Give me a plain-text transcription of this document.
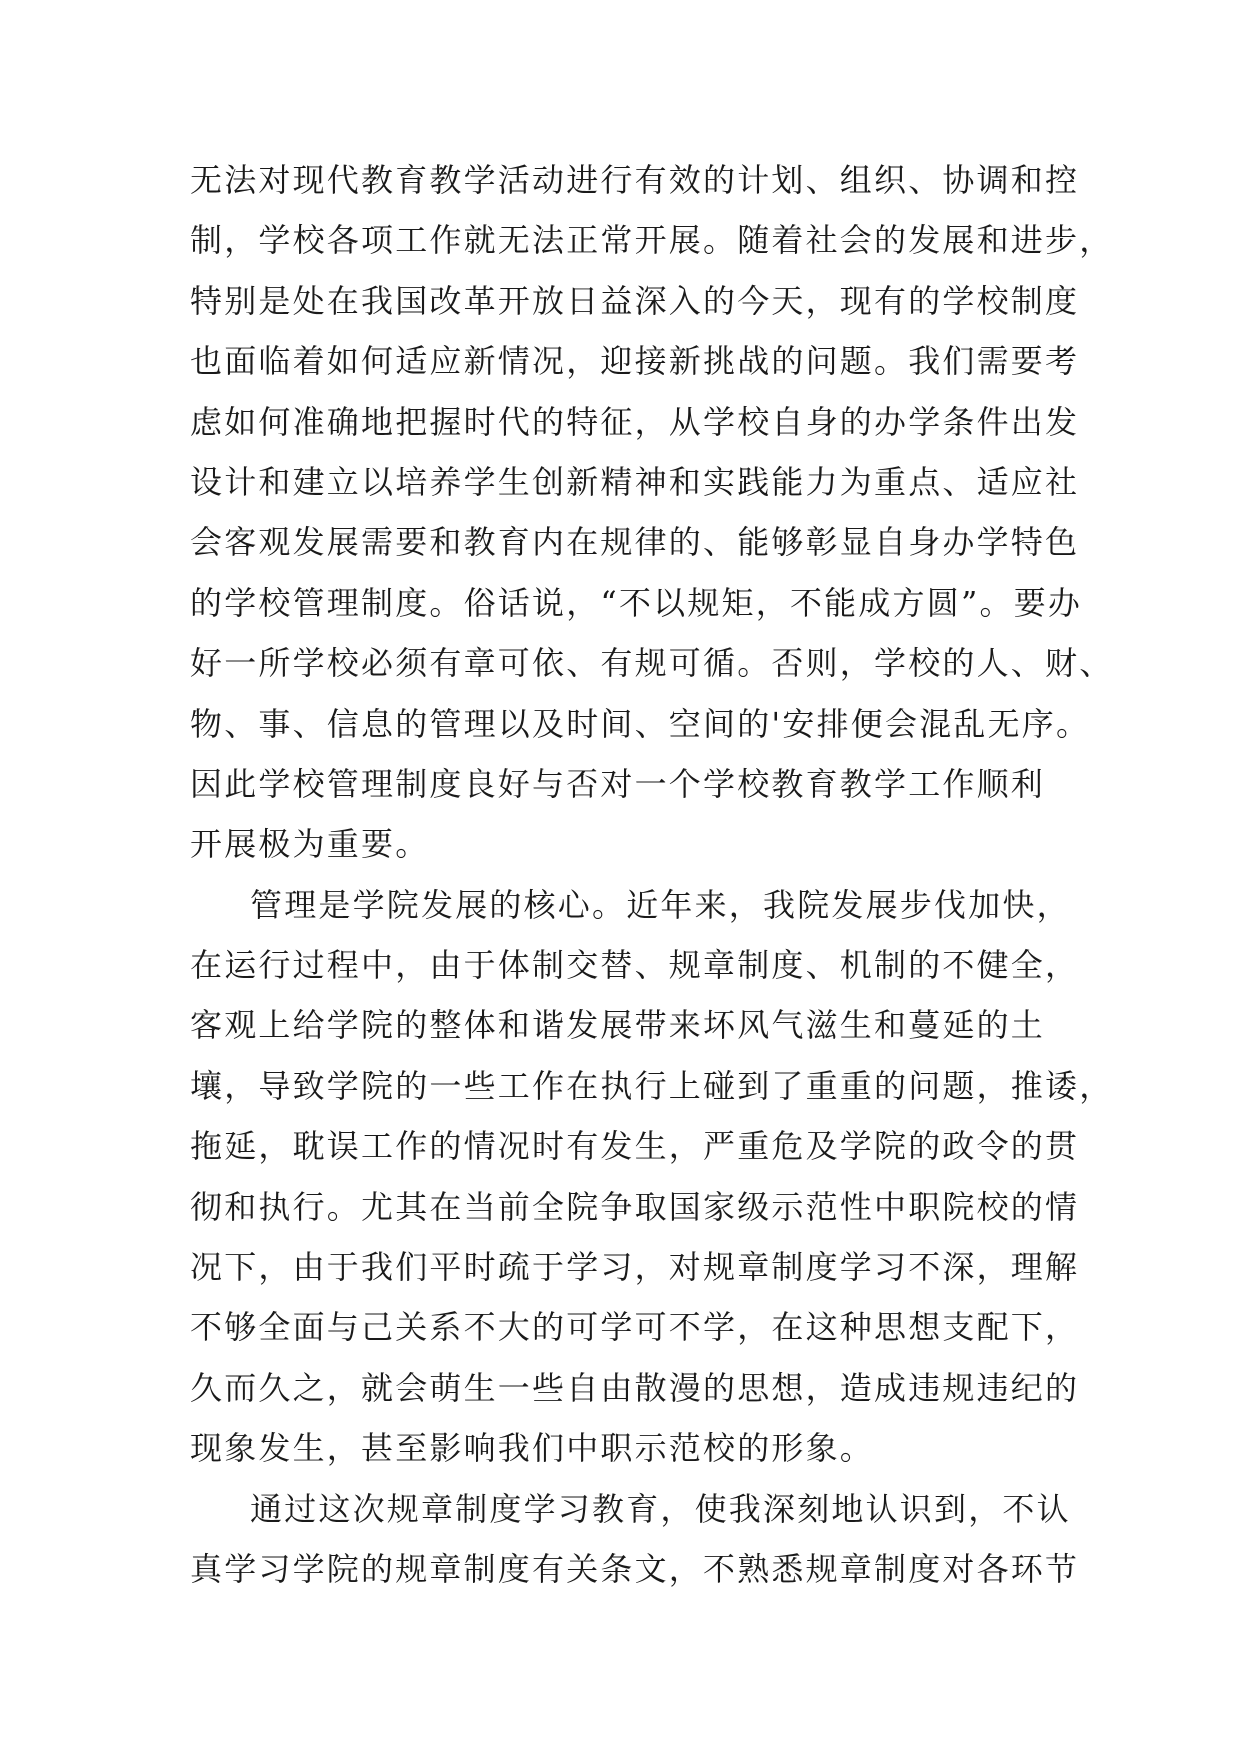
无法对现代教育教学活动进行有效的计划、组织、协调和控
制，学校各项工作就无法正常开展。随着社会的发展和进步，
特别是处在我国改革开放日益深入的今天，现有的学校制度
也面临着如何适应新情况，迎接新挑战的问题。我们需要考
虑如何准确地把握时代的特征，从学校自身的办学条件出发
设计和建立以培养学生创新精神和实践能力为重点、适应社
会客观发展需要和教育内在规律的、能够彰显自身办学特色
的学校管理制度。俗话说，“不以规矩，不能成方圆”。要办
好一所学校必须有章可依、有规可循。否则，学校的人、财、
物、事、信息的管理以及时间、空间的'安排便会混乱无序。
因此学校管理制度良好与否对一个学校教育教学工作顺利
开展极为重要。
管理是学院发展的核心。近年来，我院发展步伐加快，
在运行过程中，由于体制交替、规章制度、机制的不健全，
客观上给学院的整体和谐发展带来坏风气滋生和蔓延的土
壤，导致学院的一些工作在执行上碰到了重重的问题，推诿，
拖延，耽误工作的情况时有发生，严重危及学院的政令的贯
彻和执行。尤其在当前全院争取国家级示范性中职院校的情
况下，由于我们平时疏于学习，对规章制度学习不深，理解
不够全面与己关系不大的可学可不学，在这种思想支配下，
久而久之，就会萌生一些自由散漫的思想，造成违规违纪的
现象发生，甚至影响我们中职示范校的形象。
通过这次规章制度学习教育，使我深刻地认识到，不认
真学习学院的规章制度有关条文，不熟悉规章制度对各环节
